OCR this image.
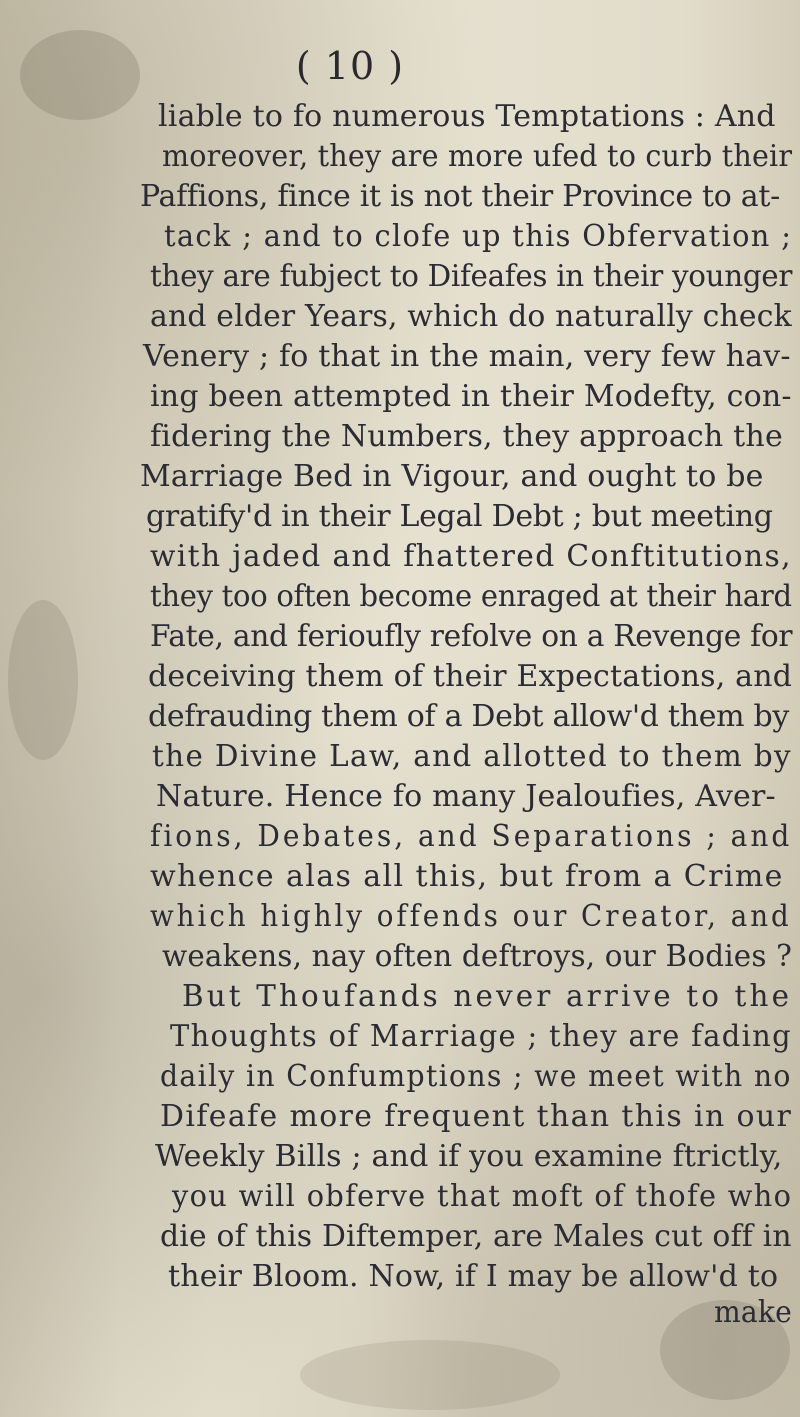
( 10 )
liable to fo numerous Temptations : And
moreover, they are more ufed to curb their
Paffions, fince it is not their Province to at-
tack ; and to clofe up this Obfervation ;
they are fubject to Difeafes in their younger
and elder Years, which do naturally check
Venery ; fo that in the main, very few hav-
ing been attempted in their Modefty, con-
fidering the Numbers, they approach the
Marriage Bed in Vigour, and ought to be
gratify'd in their Legal Debt ; but meeting
with jaded and fhattered Conftitutions,
they too often become enraged at their hard
Fate, and ferioufly refolve on a Revenge for
deceiving them of their Expectations, and
defrauding them of a Debt allow'd them by
the Divine Law, and allotted to them by
Nature. Hence fo many Jealoufies, Aver-
fions, Debates, and Separations ; and
whence alas all this, but from a Crime
which highly offends our Creator, and
weakens, nay often deftroys, our Bodies ?
But Thoufands never arrive to the
Thoughts of Marriage ; they are fading
daily in Confumptions ; we meet with no
Difeafe more frequent than this in our
Weekly Bills ; and if you examine ftrictly,
you will obferve that moft of thofe who
die of this Diftemper, are Males cut off in
their Bloom. Now, if I may be allow'd to
make
